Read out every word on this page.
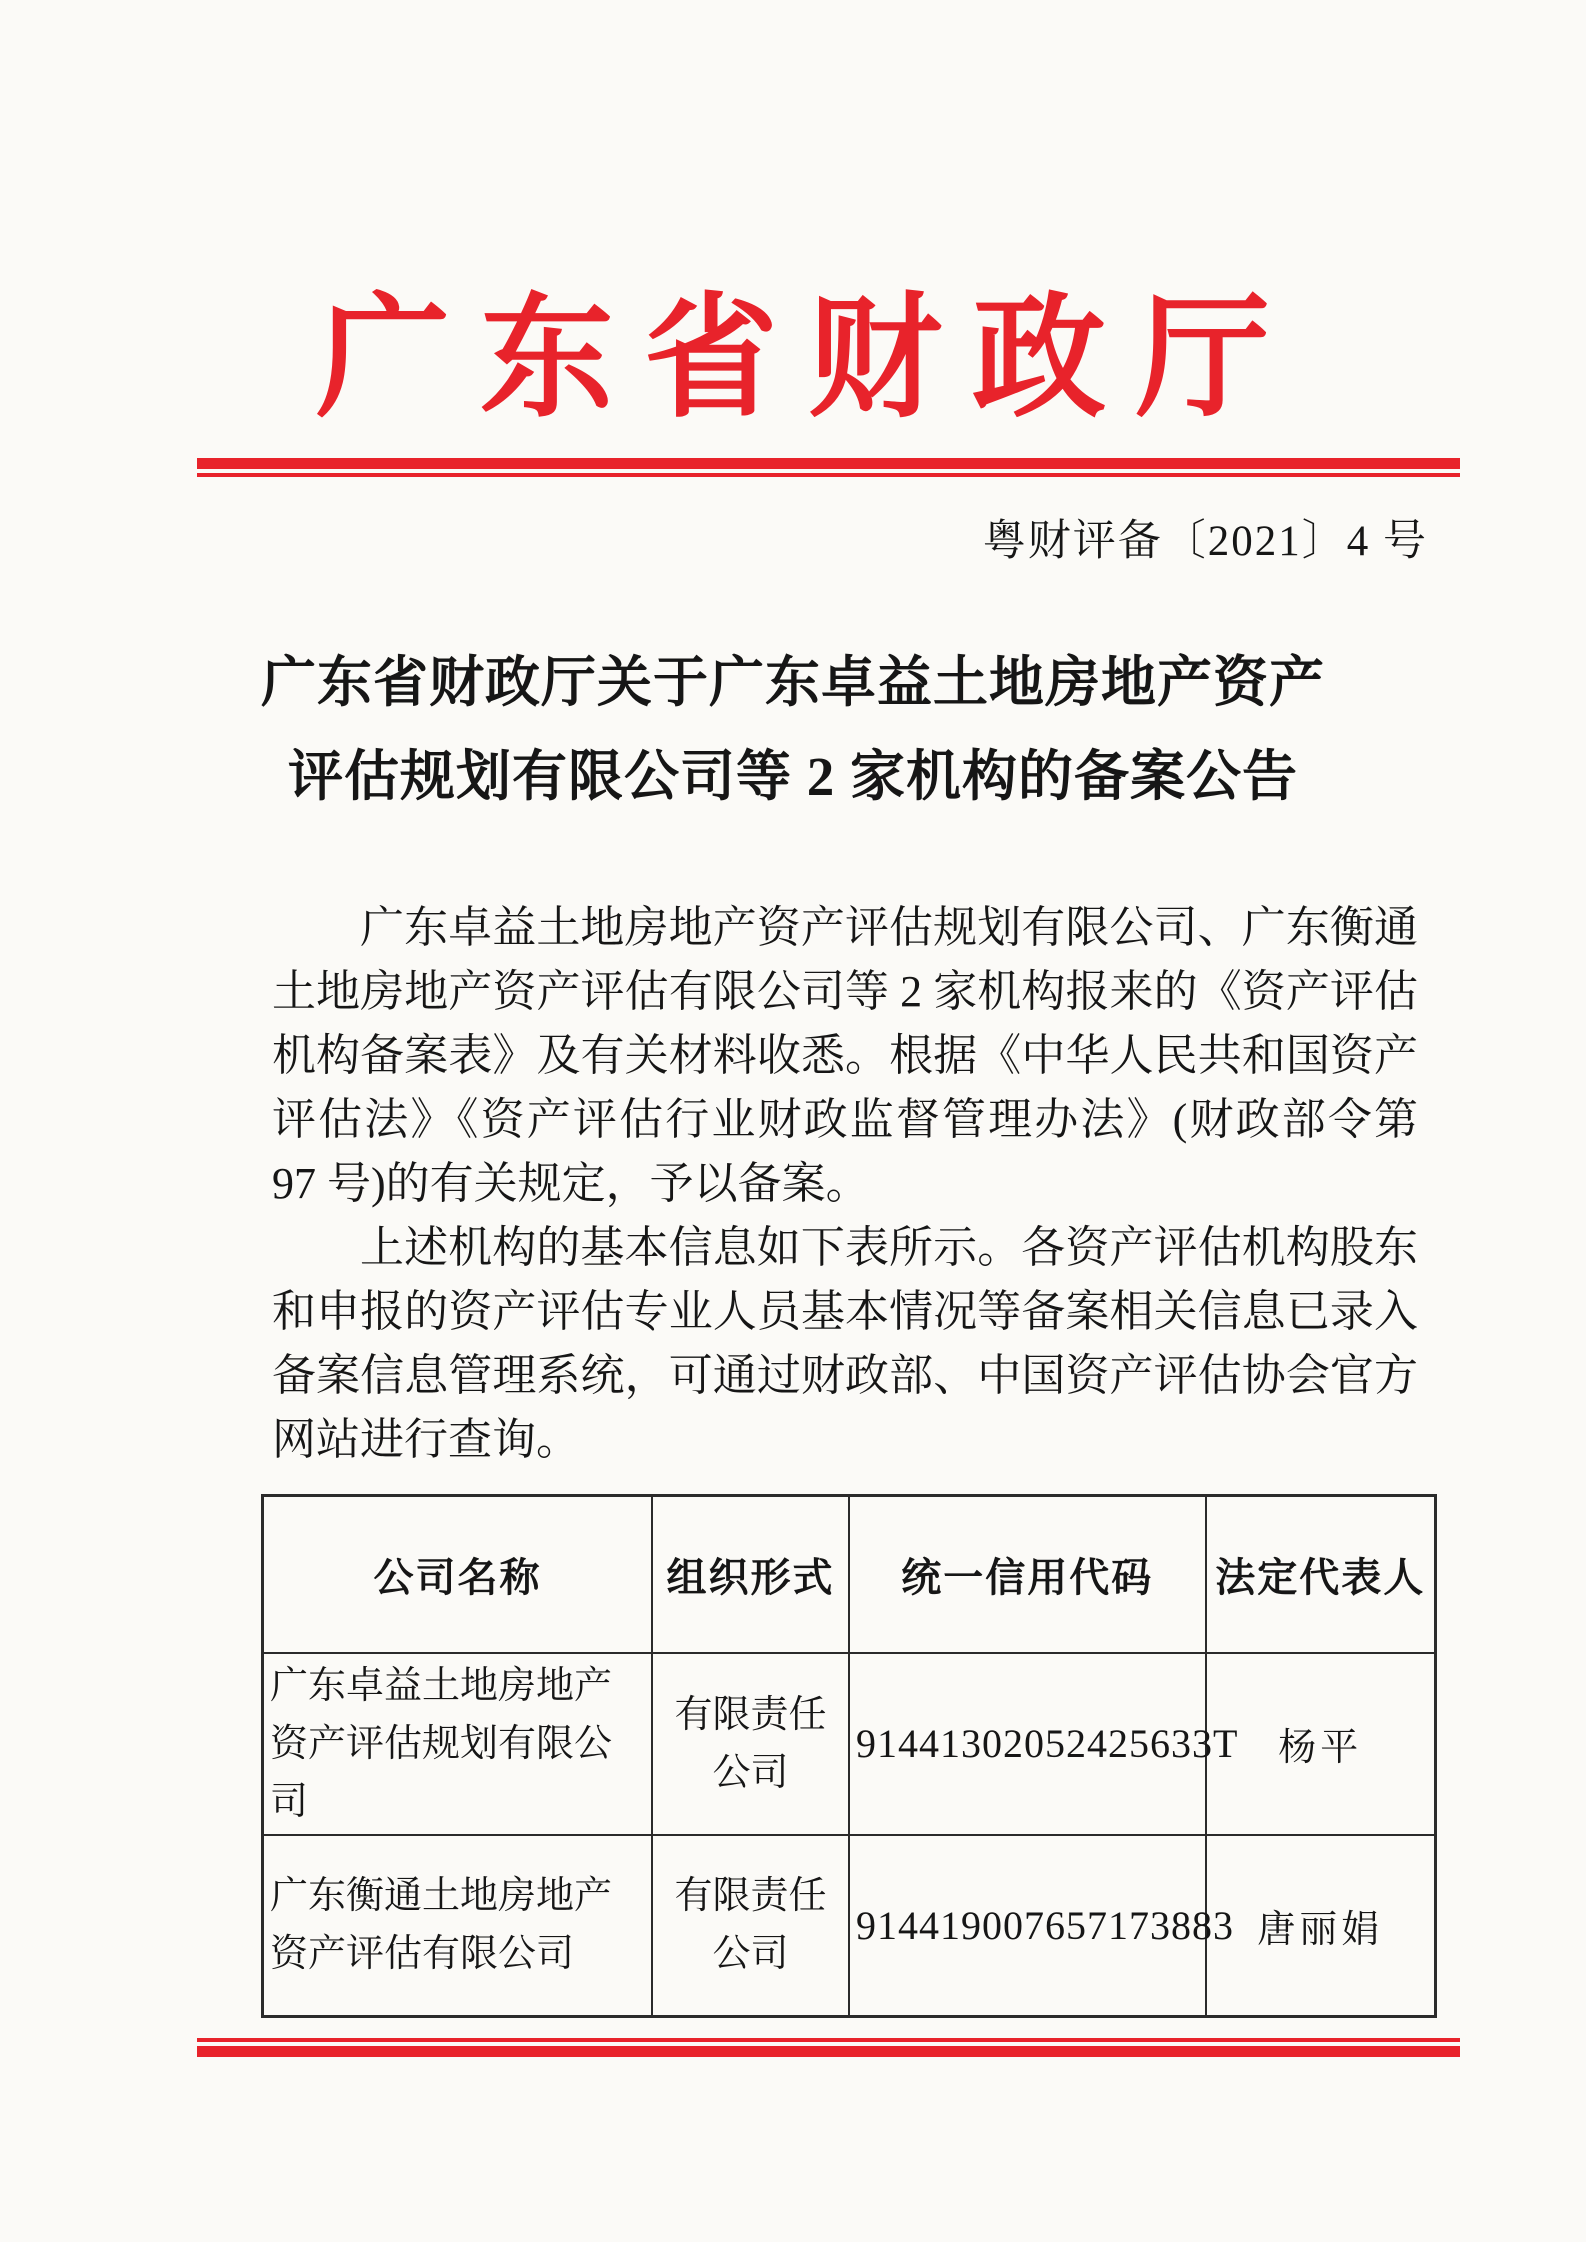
广东省财政厅
粤财评备〔2021〕4 号
广东省财政厅关于广东卓益土地房地产资产
评估规划有限公司等 2 家机构的备案公告

广东卓益土地房地产资产评估规划有限公司、广东衡通土地房地产资产评估有限公司等 2 家机构报来的《资产评估机构备案表》及有关材料收悉。根据《中华人民共和国资产评估法》《资产评估行业财政监督管理办法》(财政部令第 97 号)的有关规定，予以备案。

上述机构的基本信息如下表所示。各资产评估机构股东和申报的资产评估专业人员基本情况等备案相关信息已录入备案信息管理系统，可通过财政部、中国资产评估协会官方网站进行查询。

公司名称	组织形式	统一信用代码	法定代表人
广东卓益土地房地产资产评估规划有限公司	有限责任公司	91441302052425633T	杨平
广东衡通土地房地产资产评估有限公司	有限责任公司	914419007657173883	唐丽娟
